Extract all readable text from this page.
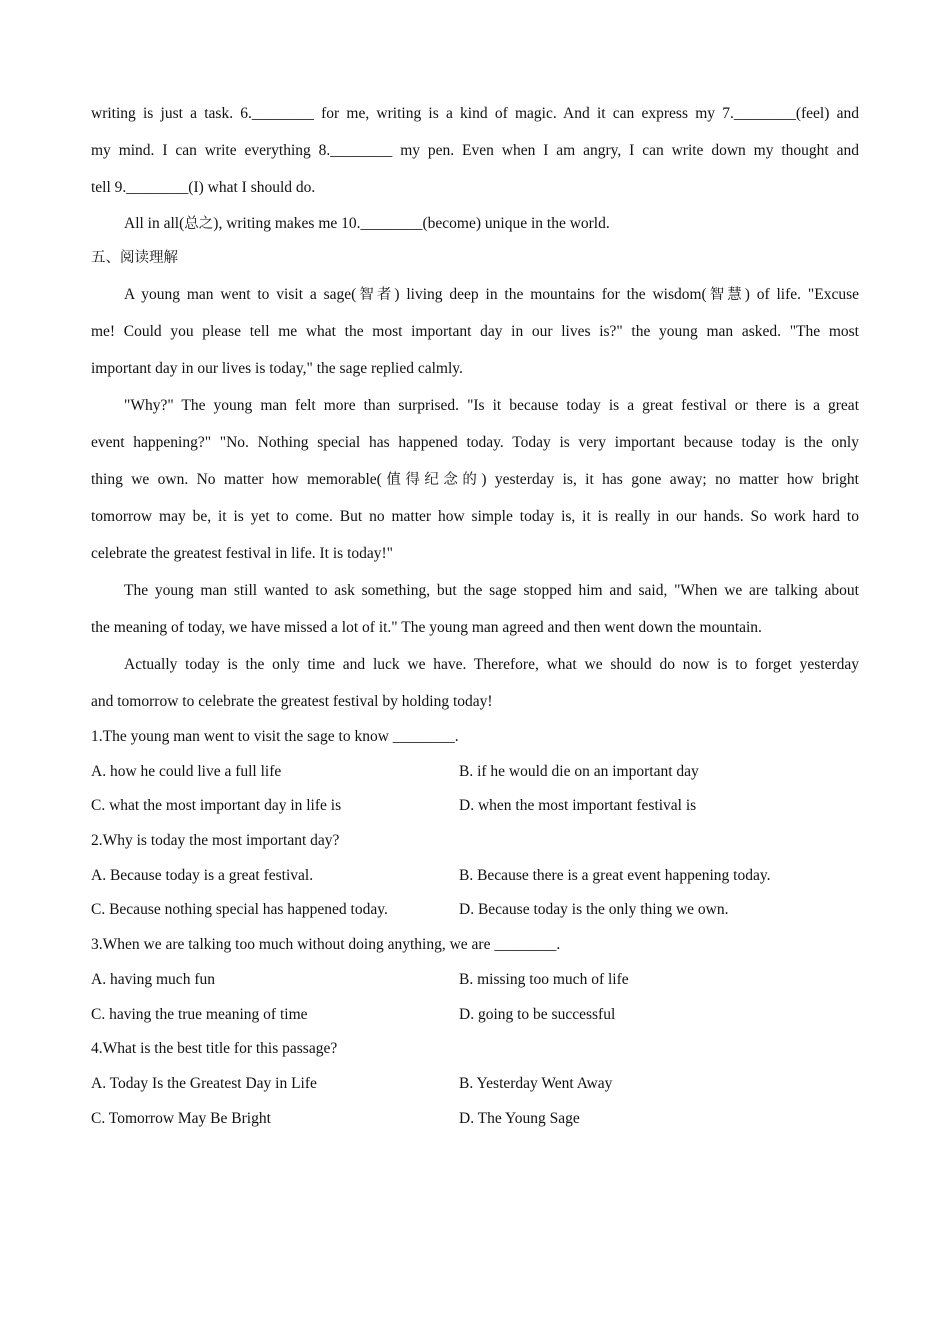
writing is just a task. 6.________ for me, writing is a kind of magic. And it can express my 7.________(feel) and
my mind. I can write everything 8.________ my pen. Even when I am angry, I can write down my thought and
tell 9.________(I) what I should do.
All in all(总之), writing makes me 10.________(become) unique in the world.
五、阅读理解
A young man went to visit a sage(智者) living deep in the mountains for the wisdom(智慧) of life. "Excuse
me! Could you please tell me what the most important day in our lives is?" the young man asked. "The most
important day in our lives is today," the sage replied calmly.
"Why?" The young man felt more than surprised. "Is it because today is a great festival or there is a great
event happening?" "No. Nothing special has happened today. Today is very important because today is the only
thing we own. No matter how memorable(值得纪念的) yesterday is, it has gone away; no matter how bright
tomorrow may be, it is yet to come. But no matter how simple today is, it is really in our hands. So work hard to
celebrate the greatest festival in life. It is today!"
The young man still wanted to ask something, but the sage stopped him and said, "When we are talking about
the meaning of today, we have missed a lot of it." The young man agreed and then went down the mountain.
Actually today is the only time and luck we have. Therefore, what we should do now is to forget yesterday
and tomorrow to celebrate the greatest festival by holding today!
1.The young man went to visit the sage to know ________.
A. how he could live a full life	B. if he would die on an important day
C. what the most important day in life is	D. when the most important festival is
2.Why is today the most important day?
A. Because today is a great festival.	B. Because there is a great event happening today.
C. Because nothing special has happened today.	D. Because today is the only thing we own.
3.When we are talking too much without doing anything, we are ________.
A. having much fun	B. missing too much of life
C. having the true meaning of time	D. going to be successful
4.What is the best title for this passage?
A. Today Is the Greatest Day in Life	B. Yesterday Went Away
C. Tomorrow May Be Bright	D. The Young Sage
